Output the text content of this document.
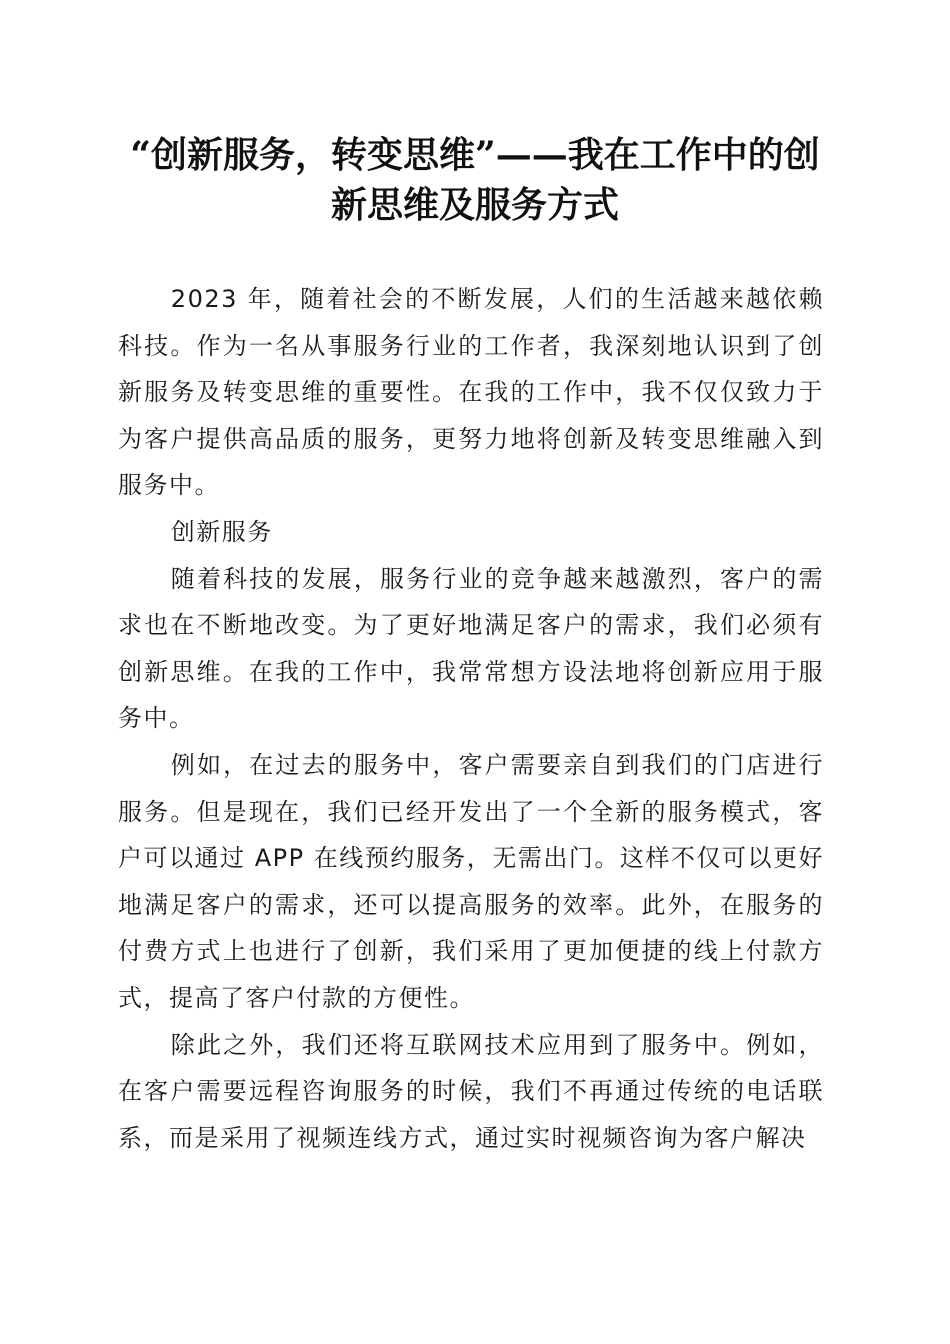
“创新服务，转变思维”——我在工作中的创
新思维及服务方式

2023 年，随着社会的不断发展，人们的生活越来越依赖科技。作为一名从事服务行业的工作者，我深刻地认识到了创新服务及转变思维的重要性。在我的工作中，我不仅仅致力于为客户提供高品质的服务，更努力地将创新及转变思维融入到服务中。

创新服务

随着科技的发展，服务行业的竞争越来越激烈，客户的需求也在不断地改变。为了更好地满足客户的需求，我们必须有创新思维。在我的工作中，我常常想方设法地将创新应用于服务中。

例如，在过去的服务中，客户需要亲自到我们的门店进行服务。但是现在，我们已经开发出了一个全新的服务模式，客户可以通过 APP 在线预约服务，无需出门。这样不仅可以更好地满足客户的需求，还可以提高服务的效率。此外，在服务的付费方式上也进行了创新，我们采用了更加便捷的线上付款方式，提高了客户付款的方便性。

除此之外，我们还将互联网技术应用到了服务中。例如，在客户需要远程咨询服务的时候，我们不再通过传统的电话联系，而是采用了视频连线方式，通过实时视频咨询为客户解决
